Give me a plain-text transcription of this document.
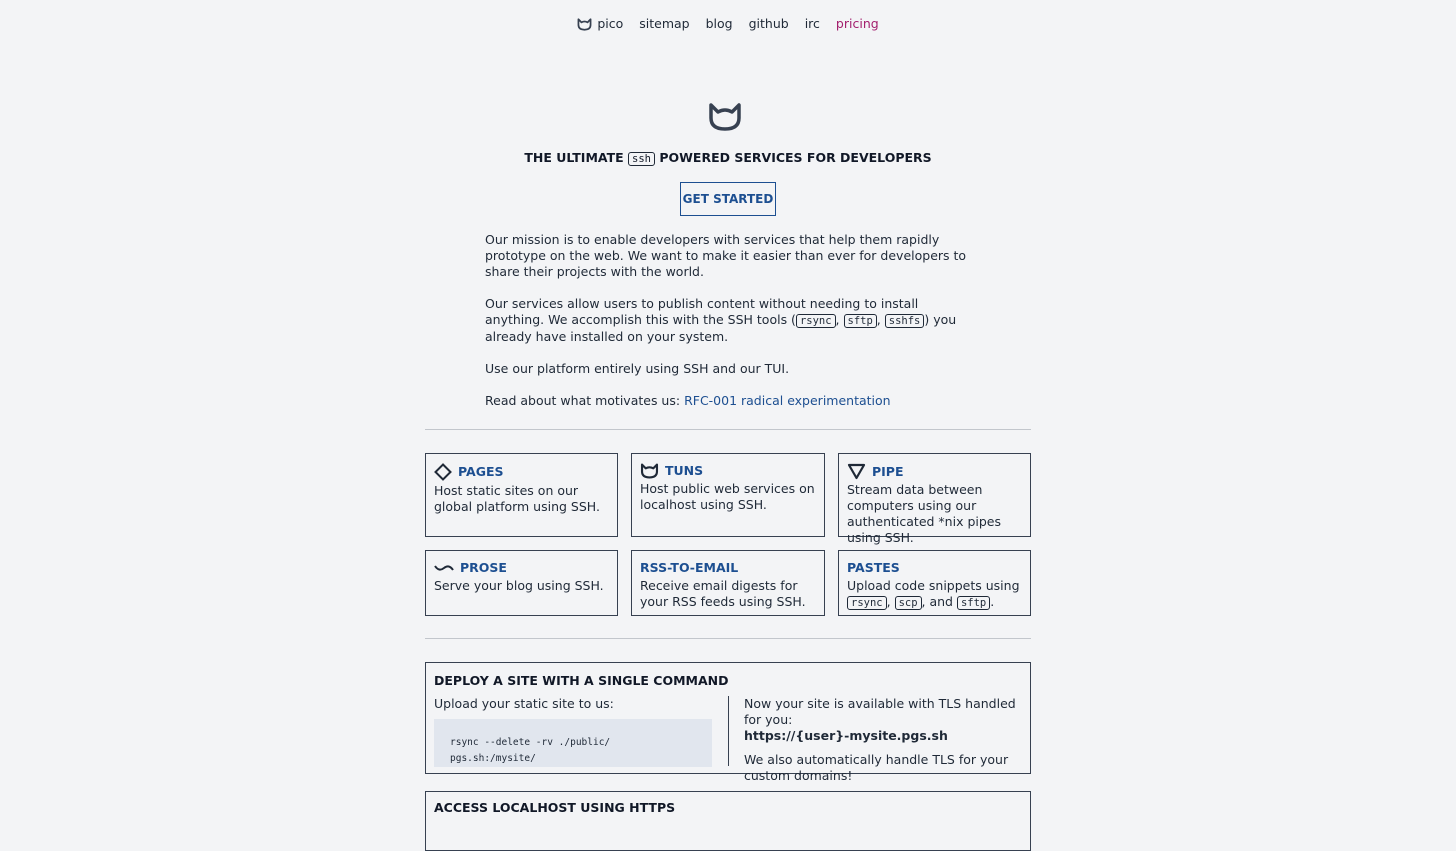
pico sitemap blog github irc pricing
THE ULTIMATE ssh POWERED SERVICES FOR DEVELOPERS
GET STARTED

Our mission is to enable developers with services that help them rapidly prototype on the web. We want to make it easier than ever for developers to share their projects with the world.

Our services allow users to publish content without needing to install anything. We accomplish this with the SSH tools ( rsync , sftp , sshfs ) you already have installed on your system.

Use our platform entirely using SSH and our TUI.

Read about what motivates us: RFC-001 radical experimentation

PAGES
Host static sites on our global platform using SSH.
TUNS
Host public web services on localhost using SSH.
PIPE
Stream data between computers using our authenticated *nix pipes using SSH.
PROSE
Serve your blog using SSH.
RSS-TO-EMAIL
Receive email digests for your RSS feeds using SSH.
PASTES
Upload code snippets using rsync , scp , and sftp .
DEPLOY A SITE WITH A SINGLE COMMAND
Upload your static site to us:
rsync --delete -rv ./public/ pgs.sh:/mysite/
Now your site is available with TLS handled for you:
https://{user}-mysite.pgs.sh
We also automatically handle TLS for your custom domains!
ACCESS LOCALHOST USING HTTPS
